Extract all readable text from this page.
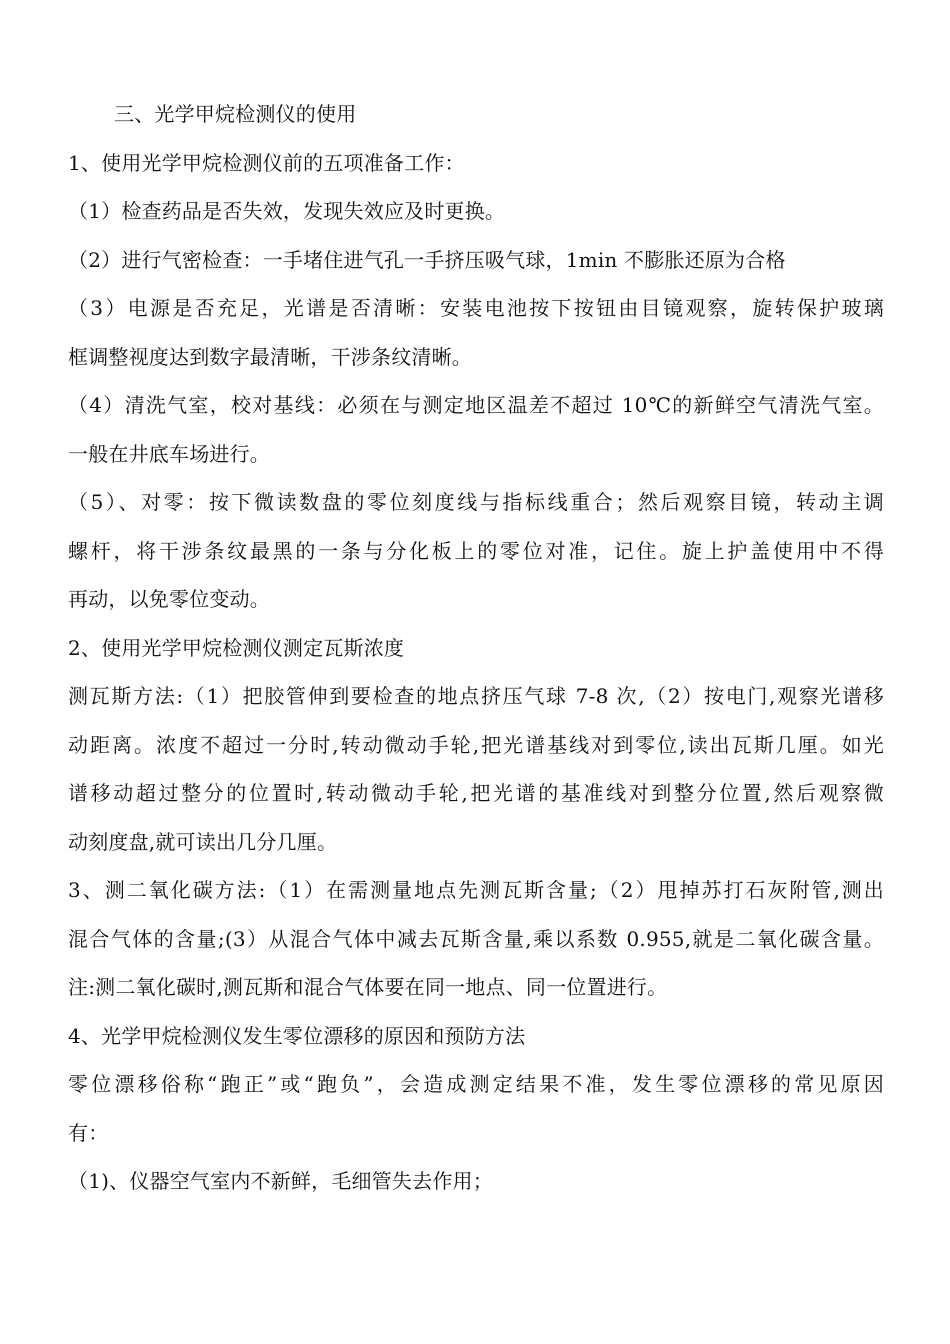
三、光学甲烷检测仪的使用
1、使用光学甲烷检测仪前的五项准备工作：
（1）检查药品是否失效，发现失效应及时更换。
（2）进行气密检查：一手堵住进气孔一手挤压吸气球，1min 不膨胀还原为合格
（3）电源是否充足，光谱是否清晰：安装电池按下按钮由目镜观察，旋转保护玻璃
框调整视度达到数字最清晰，干涉条纹清晰。
（4）清洗气室，校对基线：必须在与测定地区温差不超过 10℃的新鲜空气清洗气室。
一般在井底车场进行。
（5）、对零：按下微读数盘的零位刻度线与指标线重合；然后观察目镜，转动主调
螺杆，将干涉条纹最黑的一条与分化板上的零位对准，记住。旋上护盖使用中不得
再动，以免零位变动。
2、使用光学甲烷检测仪测定瓦斯浓度
测瓦斯方法:（1）把胶管伸到要检查的地点挤压气球 7-8 次,（2）按电门,观察光谱移
动距离。浓度不超过一分时,转动微动手轮,把光谱基线对到零位,读出瓦斯几厘。如光
谱移动超过整分的位置时,转动微动手轮,把光谱的基准线对到整分位置,然后观察微
动刻度盘,就可读出几分几厘。
3、测二氧化碳方法:（1）在需测量地点先测瓦斯含量;（2）甩掉苏打石灰附管,测出
混合气体的含量;(3）从混合气体中减去瓦斯含量,乘以系数 0.955,就是二氧化碳含量。
注:测二氧化碳时,测瓦斯和混合气体要在同一地点、同一位置进行。
4、光学甲烷检测仪发生零位漂移的原因和预防方法
零位漂移俗称“跑正”或“跑负”，会造成测定结果不准，发生零位漂移的常见原因
有：
（1)、仪器空气室内不新鲜，毛细管失去作用；
